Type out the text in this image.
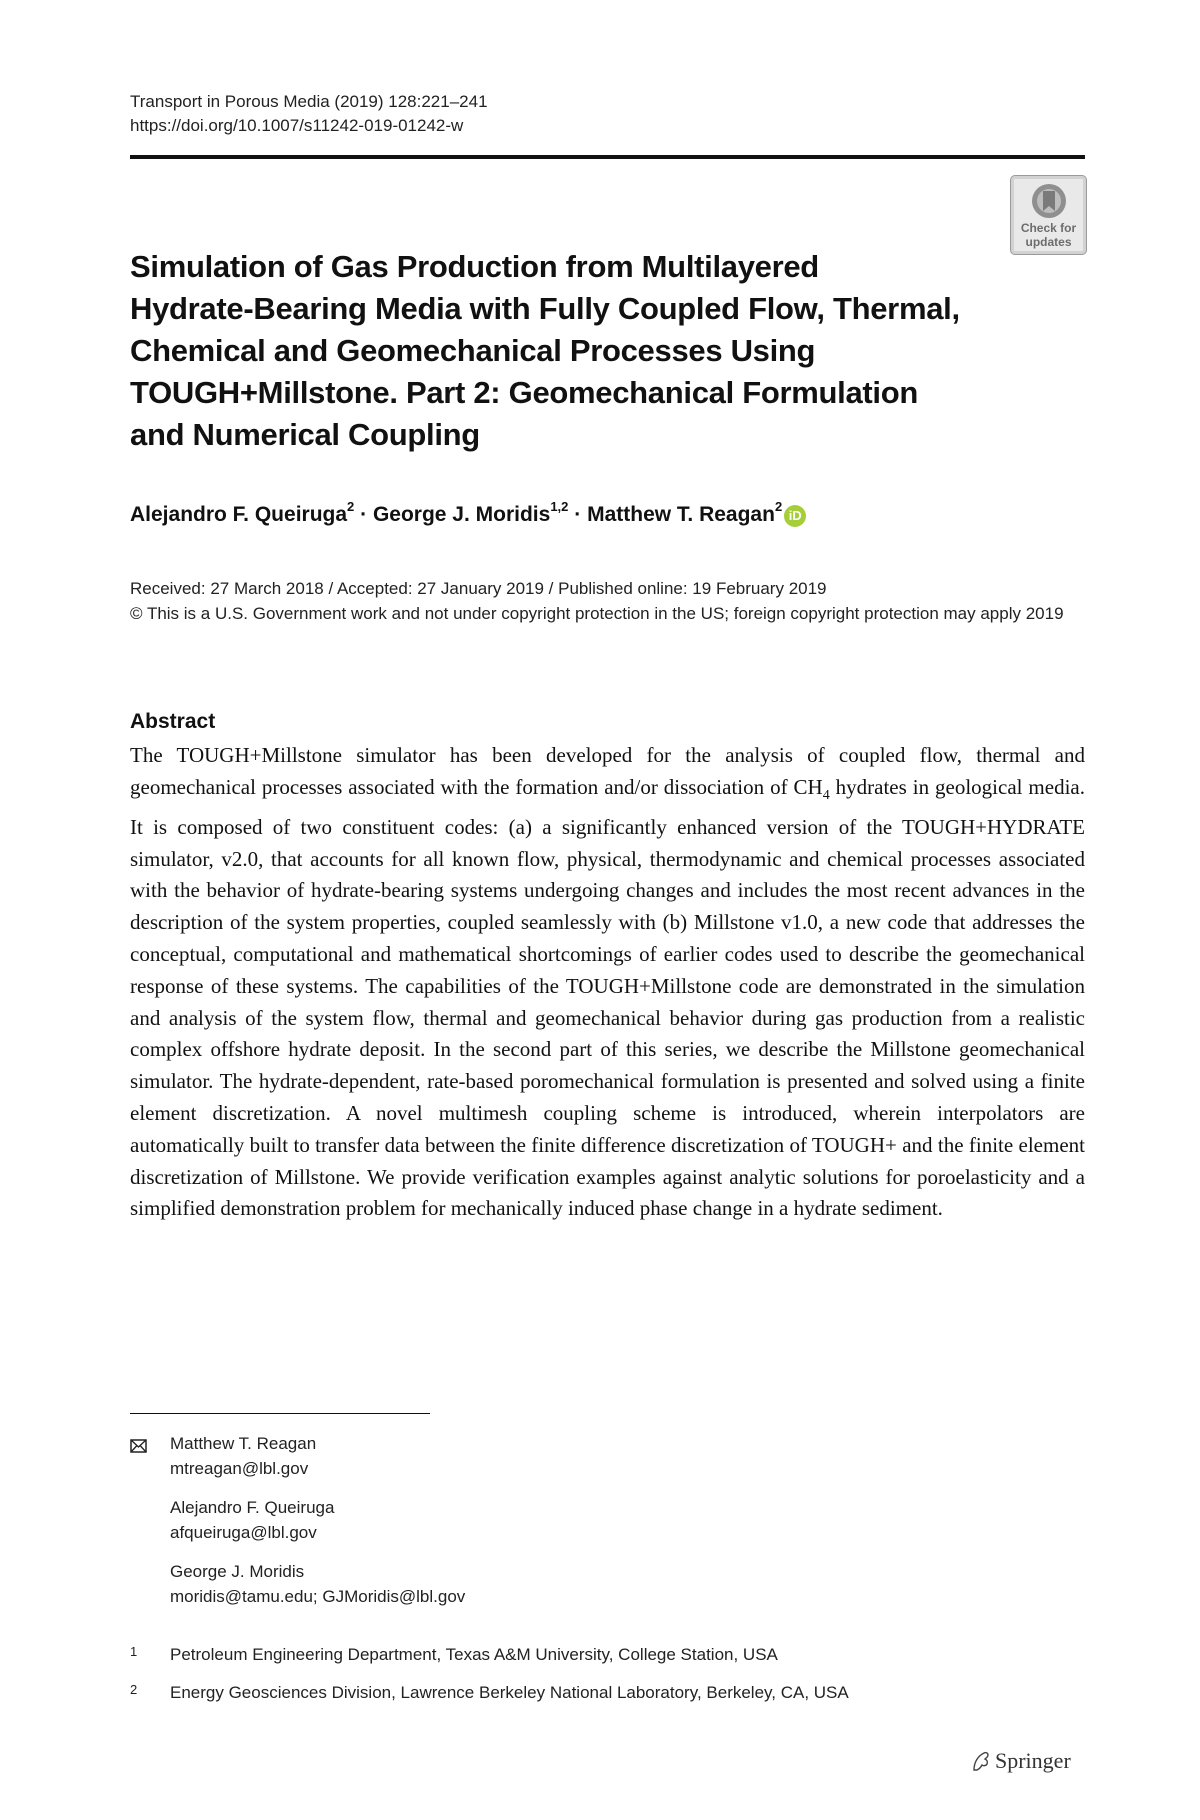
Transport in Porous Media (2019) 128:221–241
https://doi.org/10.1007/s11242-019-01242-w
Check for
updates
Simulation of Gas Production from Multilayered
Hydrate-Bearing Media with Fully Coupled Flow, Thermal,
Chemical and Geomechanical Processes Using
TOUGH+Millstone. Part 2: Geomechanical Formulation
and Numerical Coupling
Alejandro F. Queiruga$^2$ · George J. Moridis$^{1,2}$ · Matthew T. Reagan$^2$iD
Received: 27 March 2018 / Accepted: 27 January 2019 / Published online: 19 February 2019
© This is a U.S. Government work and not under copyright protection in the US; foreign copyright protection may apply 2019
Abstract

The TOUGH+Millstone simulator has been developed for the analysis of coupled flow, thermal and geomechanical processes associated with the formation and/or dissociation of $CH_4$ hydrates in geological media. It is composed of two constituent codes: (a) a significantly enhanced version of the TOUGH+HYDRATE simulator, v2.0, that accounts for all known flow, physical, thermodynamic and chemical processes associated with the behavior of hydrate-bearing systems undergoing changes and includes the most recent advances in the description of the system properties, coupled seamlessly with (b) Millstone v1.0, a new code that addresses the conceptual, computational and mathematical shortcomings of earlier codes used to describe the geomechanical response of these systems. The capabilities of the TOUGH+Millstone code are demonstrated in the simulation and analysis of the system flow, thermal and geomechanical behavior during gas production from a realistic complex offshore hydrate deposit. In the second part of this series, we describe the Millstone geomechanical simulator. The hydrate-dependent, rate-based poromechanical formulation is presented and solved using a finite element discretization. A novel multimesh coupling scheme is introduced, wherein interpolators are automatically built to transfer data between the finite difference discretization of TOUGH+ and the finite element discretization of Millstone. We provide verification examples against analytic solutions for poroelasticity and a simplified demonstration problem for mechanically induced phase change in a hydrate sediment.

Matthew T. Reagan
mtreagan@lbl.gov
Alejandro F. Queiruga
afqueiruga@lbl.gov
George J. Moridis
moridis@tamu.edu; GJMoridis@lbl.gov
1 Petroleum Engineering Department, Texas A&M University, College Station, USA
2 Energy Geosciences Division, Lawrence Berkeley National Laboratory, Berkeley, CA, USA
Springer
